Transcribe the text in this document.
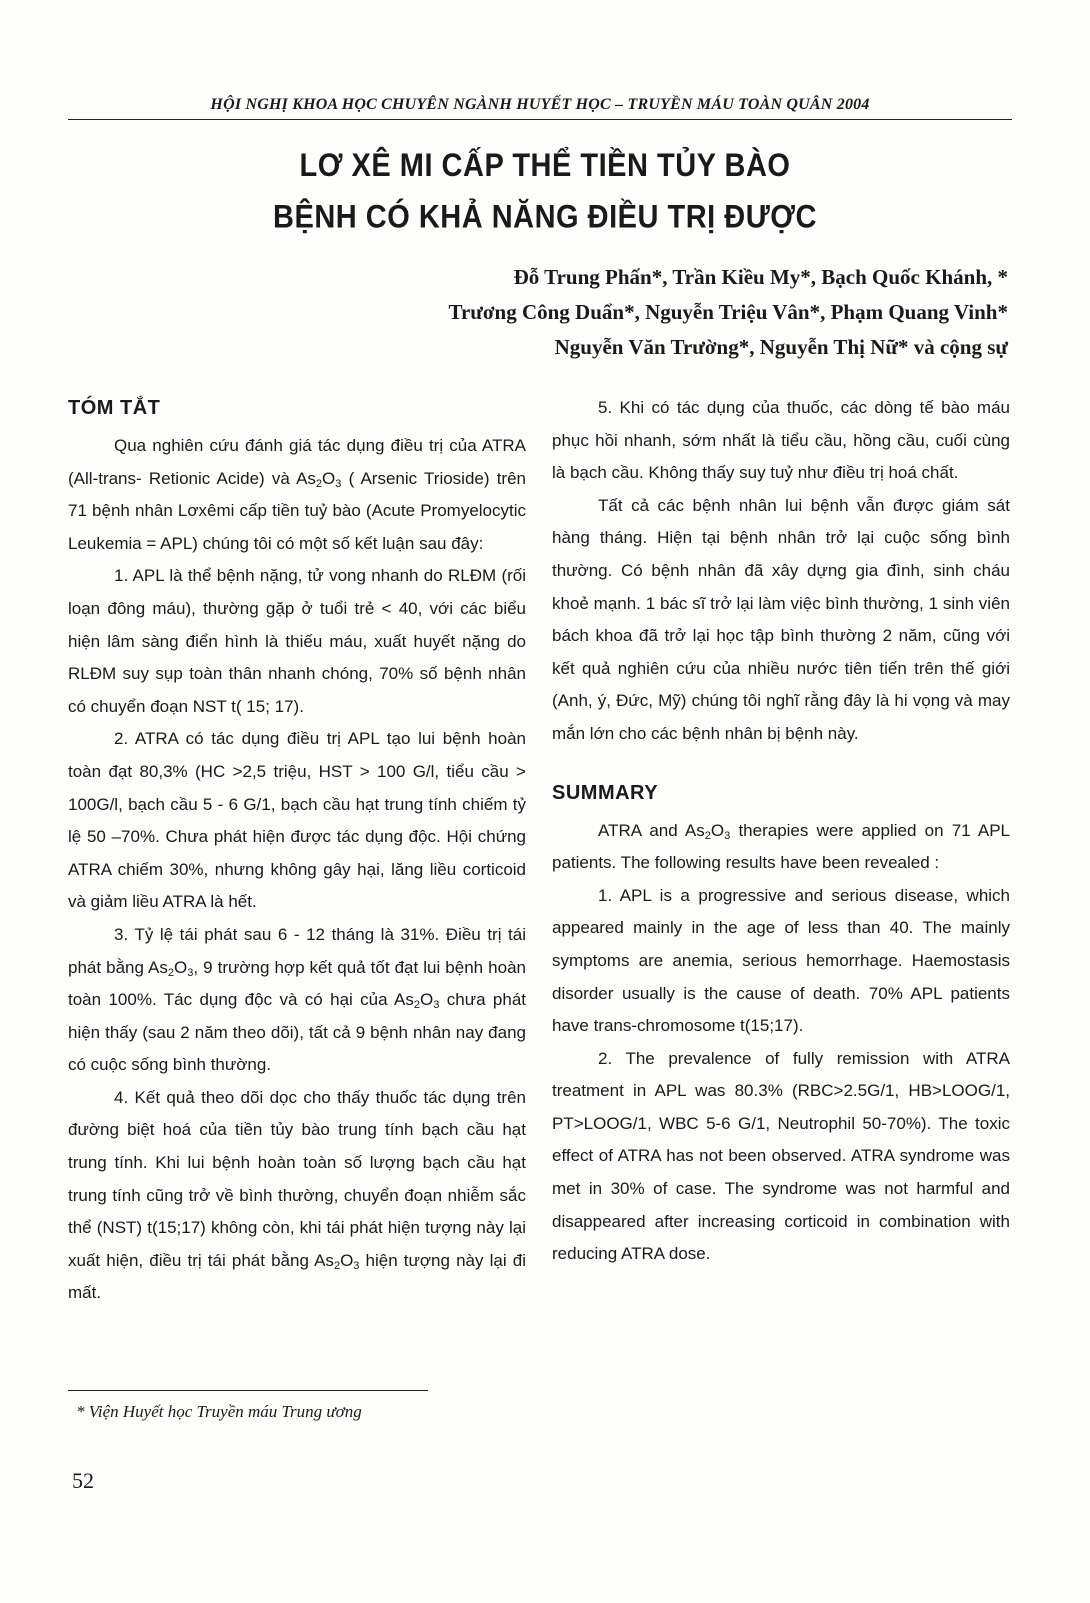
HỘI NGHỊ KHOA HỌC CHUYÊN NGÀNH HUYẾT HỌC – TRUYỀN MÁU TOÀN QUÂN 2004
LƠ XÊ MI CẤP THỂ TIỀN TỦY BÀO
BỆNH CÓ KHẢ NĂNG ĐIỀU TRỊ ĐƯỢC
Đỗ Trung Phấn*, Trần Kiều My*, Bạch Quốc Khánh, *
Trương Công Duẩn*, Nguyễn Triệu Vân*, Phạm Quang Vinh*
Nguyễn Văn Trường*, Nguyễn Thị Nữ* và cộng sự
TÓM TẮT

Qua nghiên cứu đánh giá tác dụng điều trị của ATRA (All-trans- Retionic Acide) và $As_2O_3$ ( Arsenic Trioside) trên 71 bệnh nhân Lơxêmi cấp tiền tuỷ bào (Acute Promyelocytic Leukemia = APL) chúng tôi có một số kết luận sau đây:

1. APL là thể bệnh nặng, tử vong nhanh do RLĐM (rối loạn đông máu), thường gặp ở tuổi trẻ < 40, với các biểu hiện lâm sàng điển hình là thiếu máu, xuất huyết nặng do RLĐM suy sụp toàn thân nhanh chóng, 70% số bệnh nhân có chuyển đoạn NST t( 15; 17).

2. ATRA có tác dụng điều trị APL tạo lui bệnh hoàn toàn đạt 80,3% (HC >2,5 triệu, HST > 100 G/l, tiểu cầu > 100G/l, bạch cầu 5 - 6 G/1, bạch cầu hạt trung tính chiếm tỷ lệ 50 –70%. Chưa phát hiện được tác dụng độc. Hội chứng ATRA chiếm 30%, nhưng không gây hại, lăng liều corticoid và giảm liều ATRA là hết.

3. Tỷ lệ tái phát sau 6 - 12 tháng là 31%. Điều trị tái phát bằng $As_2O_3$, 9 trường hợp kết quả tốt đạt lui bệnh hoàn toàn 100%. Tác dụng độc và có hại của $As_2O_3$ chưa phát hiện thấy (sau 2 năm theo dõi), tất cả 9 bệnh nhân nay đang có cuộc sống bình thường.

4. Kết quả theo dõi dọc cho thấy thuốc tác dụng trên đường biệt hoá của tiền tủy bào trung tính bạch cầu hạt trung tính. Khi lui bệnh hoàn toàn số lượng bạch cầu hạt trung tính cũng trở về bình thường, chuyển đoạn nhiễm sắc thể (NST) t(15;17) không còn, khi tái phát hiện tượng này lại xuất hiện, điều trị tái phát bằng $As_2O_3$ hiện tượng này lại đi mất.

5. Khi có tác dụng của thuốc, các dòng tế bào máu phục hồi nhanh, sớm nhất là tiểu cầu, hồng cầu, cuối cùng là bạch cầu. Không thấy suy tuỷ như điều trị hoá chất.

Tất cả các bệnh nhân lui bệnh vẫn được giám sát hàng tháng. Hiện tại bệnh nhân trở lại cuộc sống bình thường. Có bệnh nhân đã xây dựng gia đình, sinh cháu khoẻ mạnh. 1 bác sĩ trở lại làm việc bình thường, 1 sinh viên bách khoa đã trở lại học tập bình thường 2 năm, cũng với kết quả nghiên cứu của nhiều nước tiên tiến trên thế giới (Anh, ý, Đức, Mỹ) chúng tôi nghĩ rằng đây là hi vọng và may mắn lớn cho các bệnh nhân bị bệnh này.

SUMMARY

ATRA and $As_2O_3$ therapies were applied on 71 APL patients. The following results have been revealed :

1. APL is a progressive and serious disease, which appeared mainly in the age of less than 40. The mainly symptoms are anemia, serious hemorrhage. Haemostasis disorder usually is the cause of death. 70% APL patients have trans-chromosome t(15;17).

2. The prevalence of fully remission with ATRA treatment in APL was 80.3% (RBC>2.5G/1, HB>LOOG/1, PT>LOOG/1, WBC 5-6 G/1, Neutrophil 50-70%). The toxic effect of ATRA has not been observed. ATRA syndrome was met in 30% of case. The syndrome was not harmful and disappeared after increasing corticoid in combination with reducing ATRA dose.

* Viện Huyết học Truyền máu Trung ương
52
